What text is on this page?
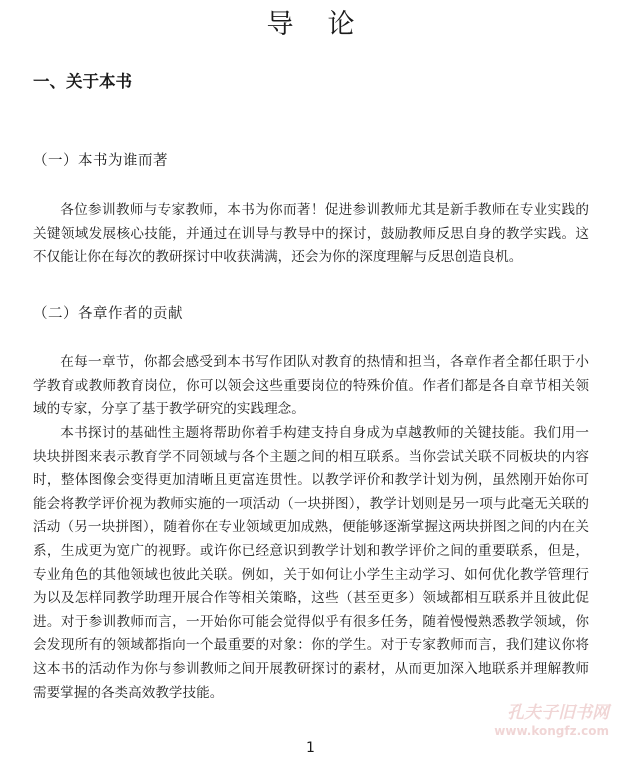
导论
一、关于本书
（一）本书为谁而著

各位参训教师与专家教师，本书为你而著！促进参训教师尤其是新手教师在专业实践的关键领域发展核心技能，并通过在训导与教导中的探讨，鼓励教师反思自身的教学实践。这不仅能让你在每次的教研探讨中收获满满，还会为你的深度理解与反思创造良机。

（二）各章作者的贡献

在每一章节，你都会感受到本书写作团队对教育的热情和担当，各章作者全都任职于小学教育或教师教育岗位，你可以领会这些重要岗位的特殊价值。作者们都是各自章节相关领域的专家，分享了基于教学研究的实践理念。

本书探讨的基础性主题将帮助你着手构建支持自身成为卓越教师的关键技能。我们用一块块拼图来表示教育学不同领域与各个主题之间的相互联系。当你尝试关联不同板块的内容时，整体图像会变得更加清晰且更富连贯性。以教学评价和教学计划为例，虽然刚开始你可能会将教学评价视为教师实施的一项活动（一块拼图），教学计划则是另一项与此毫无关联的活动（另一块拼图），随着你在专业领域更加成熟，便能够逐渐掌握这两块拼图之间的内在关系，生成更为宽广的视野。或许你已经意识到教学计划和教学评价之间的重要联系，但是，专业角色的其他领域也彼此关联。例如，关于如何让小学生主动学习、如何优化教学管理行为以及怎样同教学助理开展合作等相关策略，这些（甚至更多）领域都相互联系并且彼此促进。对于参训教师而言，一开始你可能会觉得似乎有很多任务，随着慢慢熟悉教学领域，你会发现所有的领域都指向一个最重要的对象：你的学生。对于专家教师而言，我们建议你将这本书的活动作为你与参训教师之间开展教研探讨的素材，从而更加深入地联系并理解教师需要掌握的各类高效教学技能。

孔夫子旧书网
www.kongfz.com
1
